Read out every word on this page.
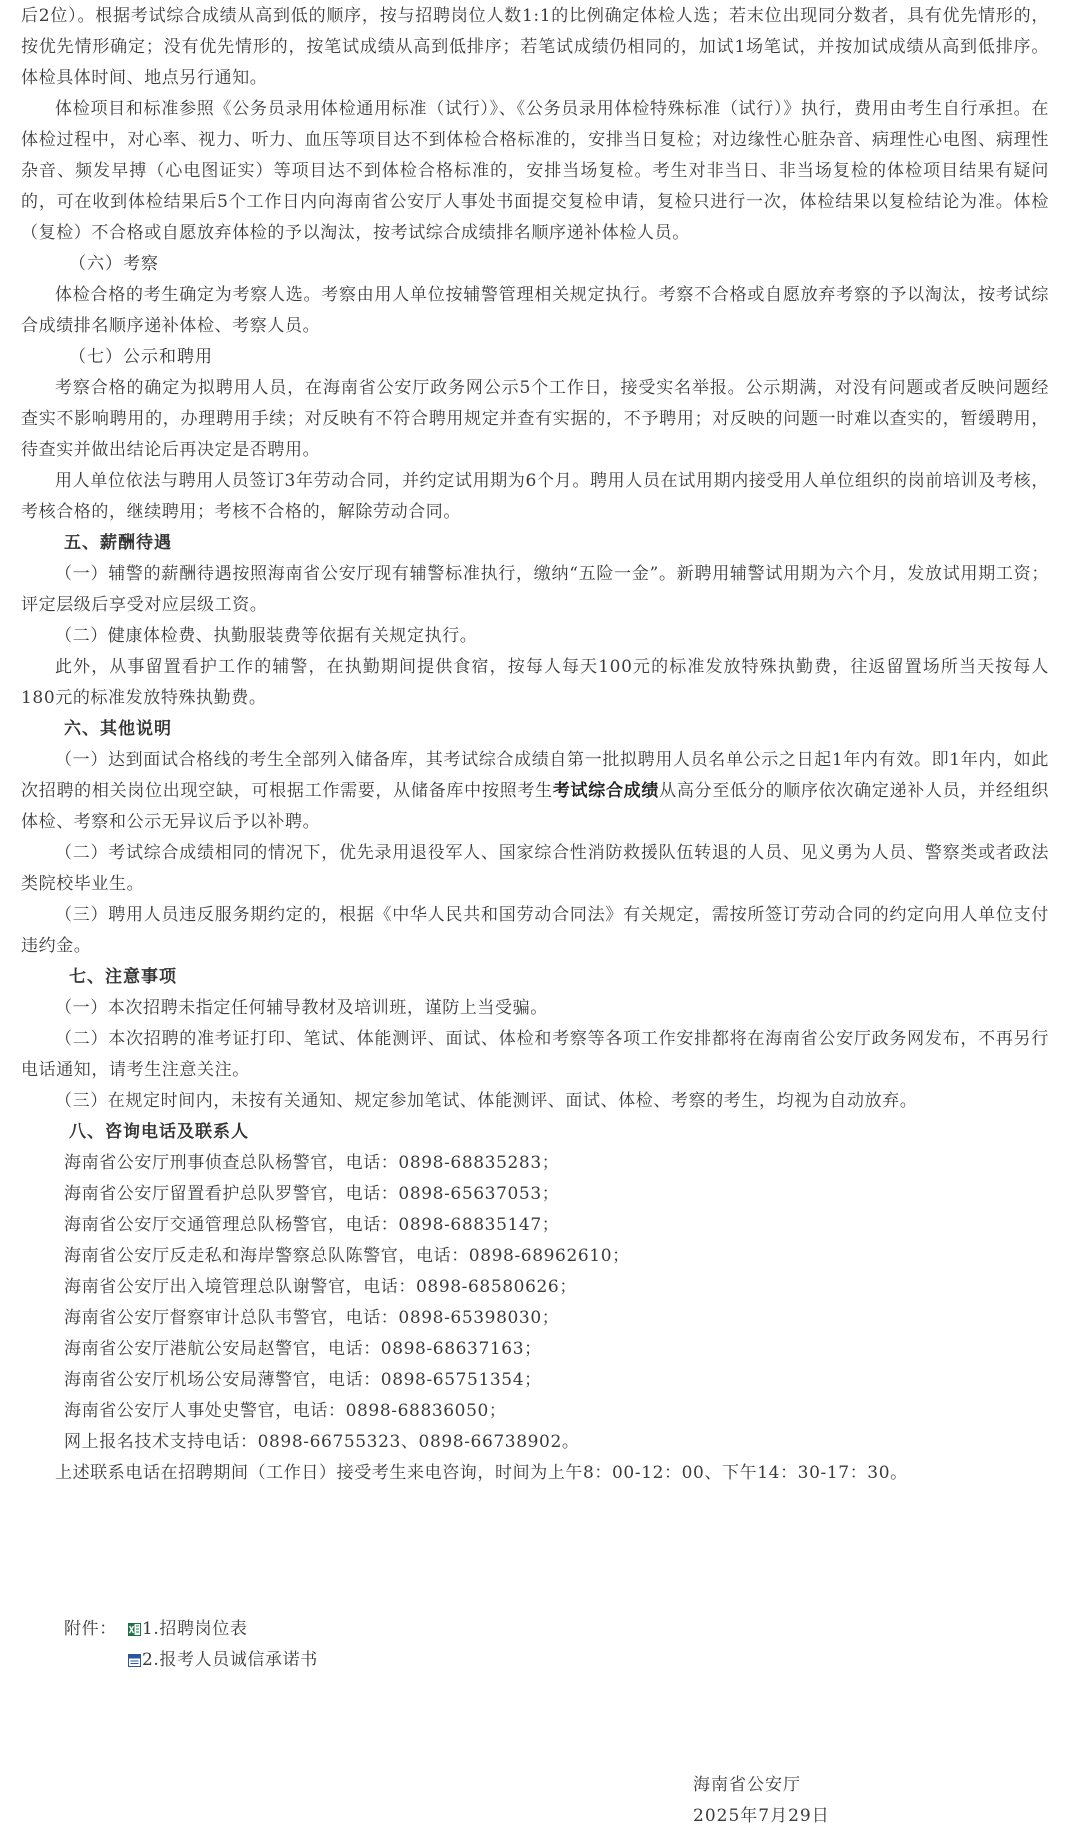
后2位）。根据考试综合成绩从高到低的顺序，按与招聘岗位人数1:1的比例确定体检人选；若末位出现同分数者，具有优先情形的，按优先情形确定；没有优先情形的，按笔试成绩从高到低排序；若笔试成绩仍相同的，加试1场笔试，并按加试成绩从高到低排序。体检具体时间、地点另行通知。

体检项目和标准参照《公务员录用体检通用标准（试行）》、《公务员录用体检特殊标准（试行）》执行，费用由考生自行承担。在体检过程中，对心率、视力、听力、血压等项目达不到体检合格标准的，安排当日复检；对边缘性心脏杂音、病理性心电图、病理性杂音、频发早搏（心电图证实）等项目达不到体检合格标准的，安排当场复检。考生对非当日、非当场复检的体检项目结果有疑问的，可在收到体检结果后5个工作日内向海南省公安厅人事处书面提交复检申请，复检只进行一次，体检结果以复检结论为准。体检（复检）不合格或自愿放弃体检的予以淘汰，按考试综合成绩排名顺序递补体检人员。

（六）考察

体检合格的考生确定为考察人选。考察由用人单位按辅警管理相关规定执行。考察不合格或自愿放弃考察的予以淘汰，按考试综合成绩排名顺序递补体检、考察人员。

（七）公示和聘用

考察合格的确定为拟聘用人员，在海南省公安厅政务网公示5个工作日，接受实名举报。公示期满，对没有问题或者反映问题经查实不影响聘用的，办理聘用手续；对反映有不符合聘用规定并查有实据的，不予聘用；对反映的问题一时难以查实的，暂缓聘用，待查实并做出结论后再决定是否聘用。

用人单位依法与聘用人员签订3年劳动合同，并约定试用期为6个月。聘用人员在试用期内接受用人单位组织的岗前培训及考核，考核合格的，继续聘用；考核不合格的，解除劳动合同。

五、薪酬待遇

（一）辅警的薪酬待遇按照海南省公安厅现有辅警标准执行，缴纳“五险一金”。新聘用辅警试用期为六个月，发放试用期工资；评定层级后享受对应层级工资。

（二）健康体检费、执勤服装费等依据有关规定执行。

此外，从事留置看护工作的辅警，在执勤期间提供食宿，按每人每天100元的标准发放特殊执勤费，往返留置场所当天按每人180元的标准发放特殊执勤费。

六、其他说明

（一）达到面试合格线的考生全部列入储备库，其考试综合成绩自第一批拟聘用人员名单公示之日起1年内有效。即1年内，如此次招聘的相关岗位出现空缺，可根据工作需要，从储备库中按照考生考试综合成绩从高分至低分的顺序依次确定递补人员，并经组织体检、考察和公示无异议后予以补聘。

（二）考试综合成绩相同的情况下，优先录用退役军人、国家综合性消防救援队伍转退的人员、见义勇为人员、警察类或者政法类院校毕业生。

（三）聘用人员违反服务期约定的，根据《中华人民共和国劳动合同法》有关规定，需按所签订劳动合同的约定向用人单位支付违约金。

七、注意事项

（一）本次招聘未指定任何辅导教材及培训班，谨防上当受骗。

（二）本次招聘的准考证打印、笔试、体能测评、面试、体检和考察等各项工作安排都将在海南省公安厅政务网发布，不再另行电话通知，请考生注意关注。

（三）在规定时间内，未按有关通知、规定参加笔试、体能测评、面试、体检、考察的考生，均视为自动放弃。

八、咨询电话及联系人

海南省公安厅刑事侦查总队杨警官，电话：0898-68835283；

海南省公安厅留置看护总队罗警官，电话：0898-65637053；

海南省公安厅交通管理总队杨警官，电话：0898-68835147；

海南省公安厅反走私和海岸警察总队陈警官，电话：0898-68962610；

海南省公安厅出入境管理总队谢警官，电话：0898-68580626；

海南省公安厅督察审计总队韦警官，电话：0898-65398030；

海南省公安厅港航公安局赵警官，电话：0898-68637163；

海南省公安厅机场公安局薄警官，电话：0898-65751354；

海南省公安厅人事处史警官，电话：0898-68836050；

网上报名技术支持电话：0898-66755323、0898-66738902。

上述联系电话在招聘期间（工作日）接受考生来电咨询，时间为上午8：00-12：00、下午14：30-17：30。

附件：	1.招聘岗位表
2.报考人员诚信承诺书
海南省公安厅
2025年7月29日
